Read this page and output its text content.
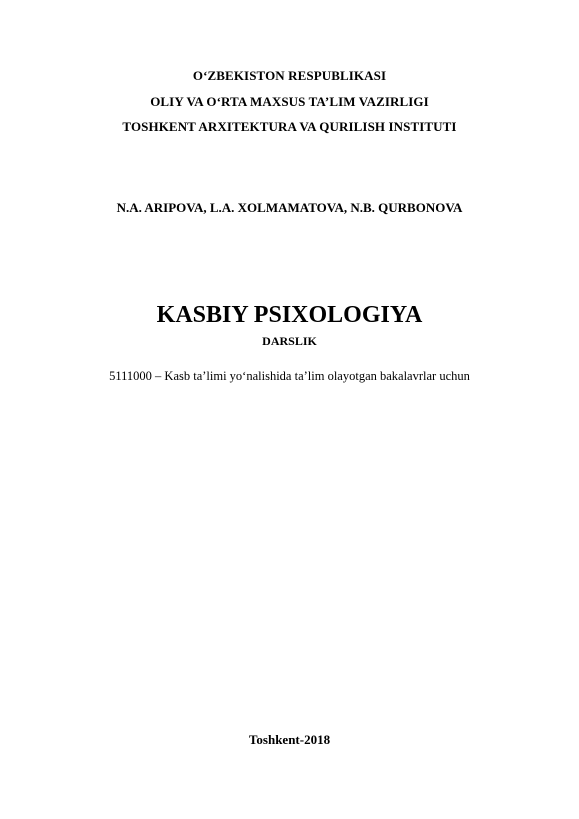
O‘ZBEKISTON RESPUBLIKASI
OLIY VA O‘RTA MAXSUS TA’LIM VAZIRLIGI
TOSHKENT ARXITEKTURA VA QURILISH INSTITUTI
N.A. ARIPOVA, L.A. XOLMAMATOVA, N.B. QURBONOVA
KASBIY PSIXOLOGIYA
DARSLIK
5111000 – Kasb ta’limi yo‘nalishida ta’lim olayotgan bakalavrlar uchun
Toshkent-2018
